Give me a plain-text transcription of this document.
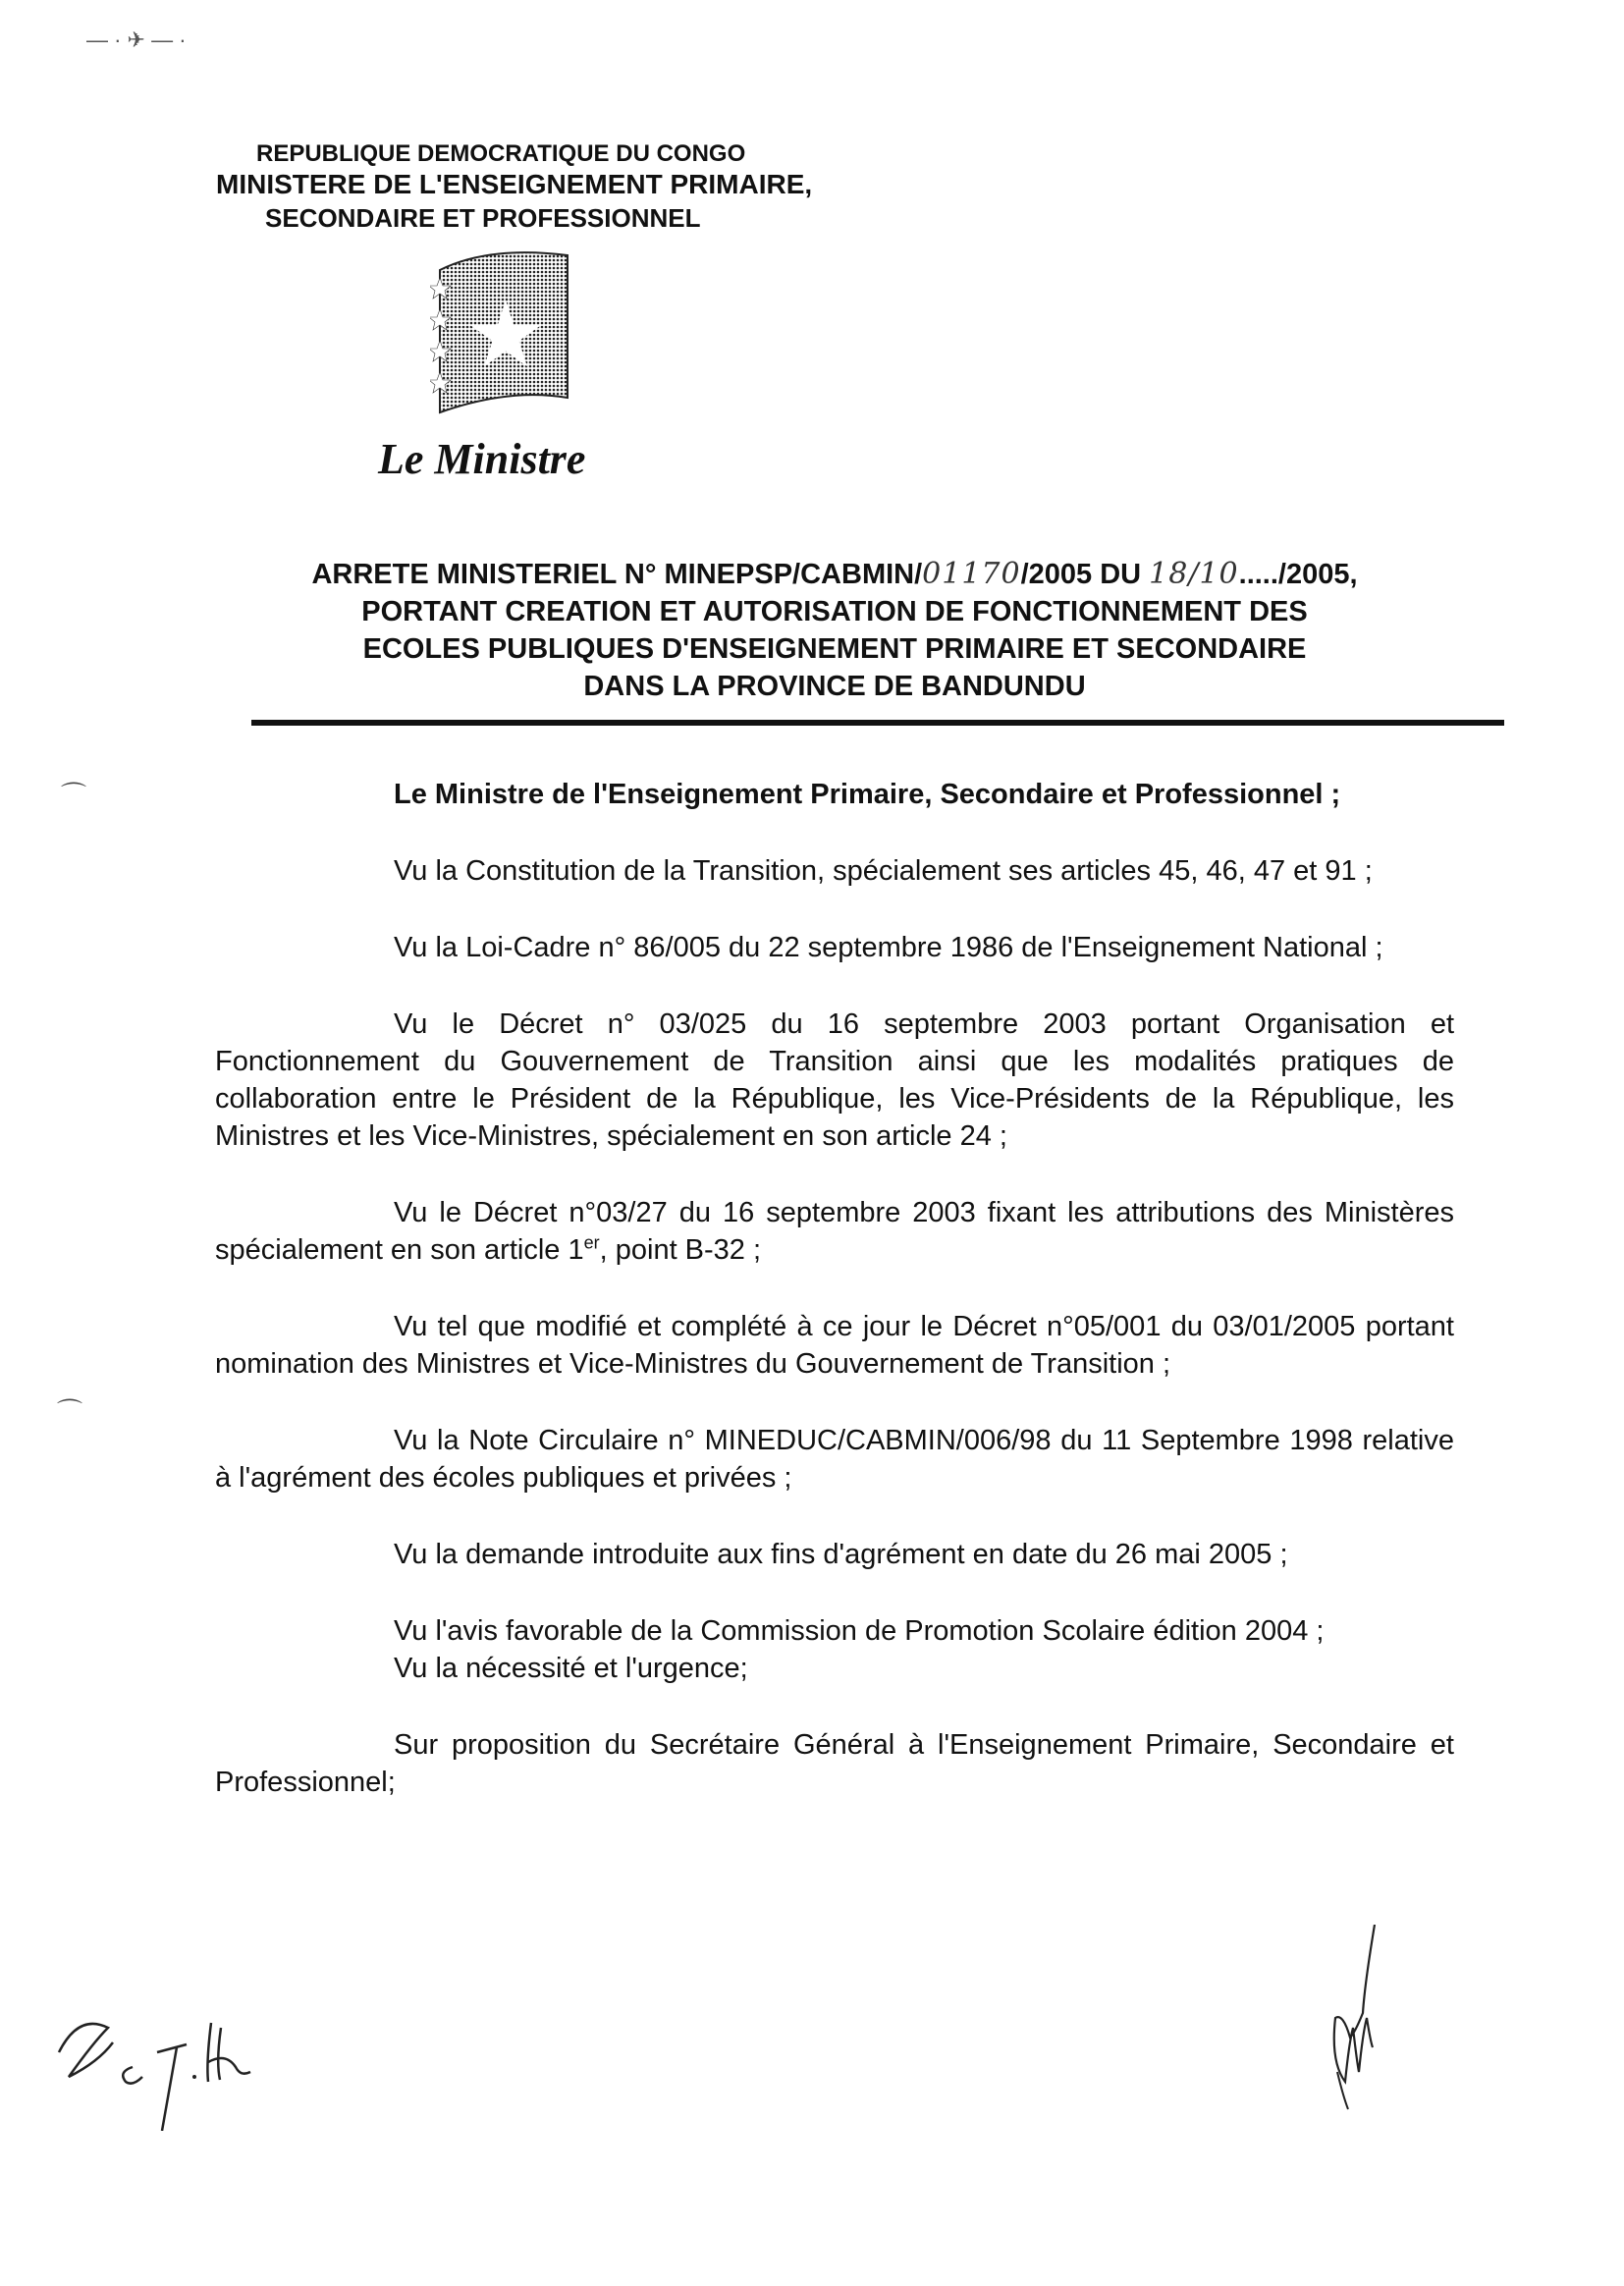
— · ✈ — ·

REPUBLIQUE DEMOCRATIQUE DU CONGO

MINISTERE DE L'ENSEIGNEMENT PRIMAIRE,

SECONDAIRE ET PROFESSIONNEL

Le Ministre
ARRETE MINISTERIEL N° MINEPSP/CABMIN/01170/2005 DU 18/10...../2005,
PORTANT CREATION ET AUTORISATION DE FONCTIONNEMENT DES
ECOLES PUBLIQUES D'ENSEIGNEMENT PRIMAIRE ET SECONDAIRE
DANS LA PROVINCE DE BANDUNDU
⌒
⌒

Le Ministre de l'Enseignement Primaire, Secondaire et Professionnel ;

Vu la Constitution de la Transition, spécialement ses articles 45, 46, 47 et 91 ;

Vu la Loi-Cadre n° 86/005 du 22 septembre 1986 de l'Enseignement National ;

Vu le Décret n° 03/025 du 16 septembre 2003 portant Organisation et Fonctionnement du Gouvernement de Transition ainsi que les modalités pratiques de collaboration entre le Président de la République, les Vice-Présidents de la République, les Ministres et les Vice-Ministres, spécialement en son article 24 ;

Vu le Décret n°03/27 du 16 septembre 2003 fixant les attributions des Ministères spécialement en son article 1er, point B-32 ;

Vu tel que modifié et complété à ce jour le Décret n°05/001 du 03/01/2005 portant nomination des Ministres et Vice-Ministres du Gouvernement de Transition ;

Vu la Note Circulaire n° MINEDUC/CABMIN/006/98 du 11 Septembre 1998 relative à l'agrément des écoles publiques et privées ;

Vu la demande introduite aux fins d'agrément en date du 26 mai 2005 ;

Vu l'avis favorable de la Commission de Promotion Scolaire édition 2004 ;

Vu la nécessité et l'urgence;

Sur proposition du Secrétaire Général à l'Enseignement Primaire, Secondaire et Professionnel;
